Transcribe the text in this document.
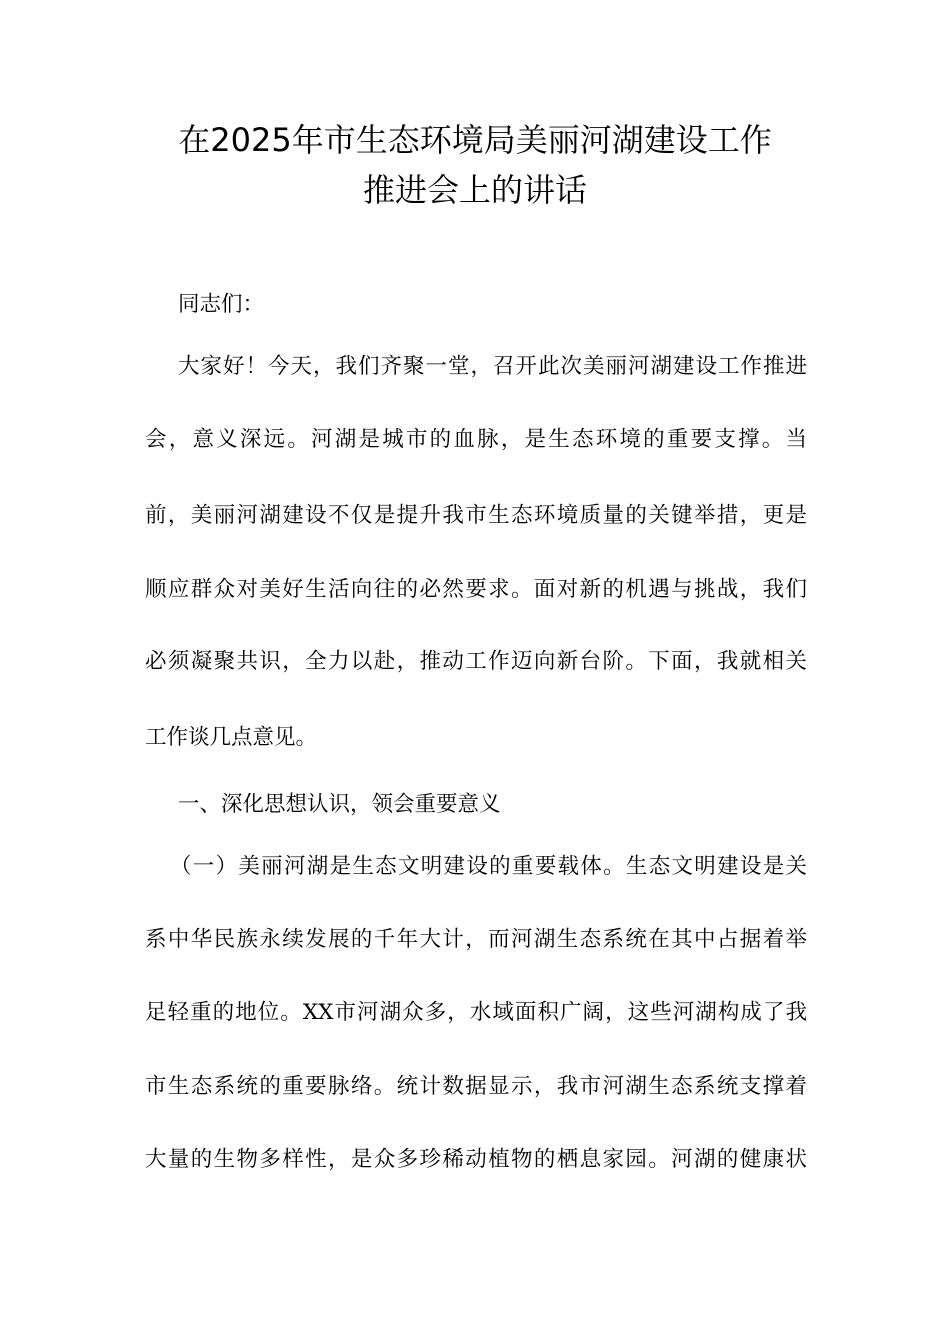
在2025年市生态环境局美丽河湖建设工作
推进会上的讲话
同志们：
大家好！今天，我们齐聚一堂，召开此次美丽河湖建设工作推进
会，意义深远。河湖是城市的血脉，是生态环境的重要支撑。当
前，美丽河湖建设不仅是提升我市生态环境质量的关键举措，更是
顺应群众对美好生活向往的必然要求。面对新的机遇与挑战，我们
必须凝聚共识，全力以赴，推动工作迈向新台阶。下面，我就相关
工作谈几点意见。
一、深化思想认识，领会重要意义
（一）美丽河湖是生态文明建设的重要载体。生态文明建设是关
系中华民族永续发展的千年大计，而河湖生态系统在其中占据着举
足轻重的地位。XX市河湖众多，水域面积广阔，这些河湖构成了我
市生态系统的重要脉络。统计数据显示，我市河湖生态系统支撑着
大量的生物多样性，是众多珍稀动植物的栖息家园。河湖的健康状
